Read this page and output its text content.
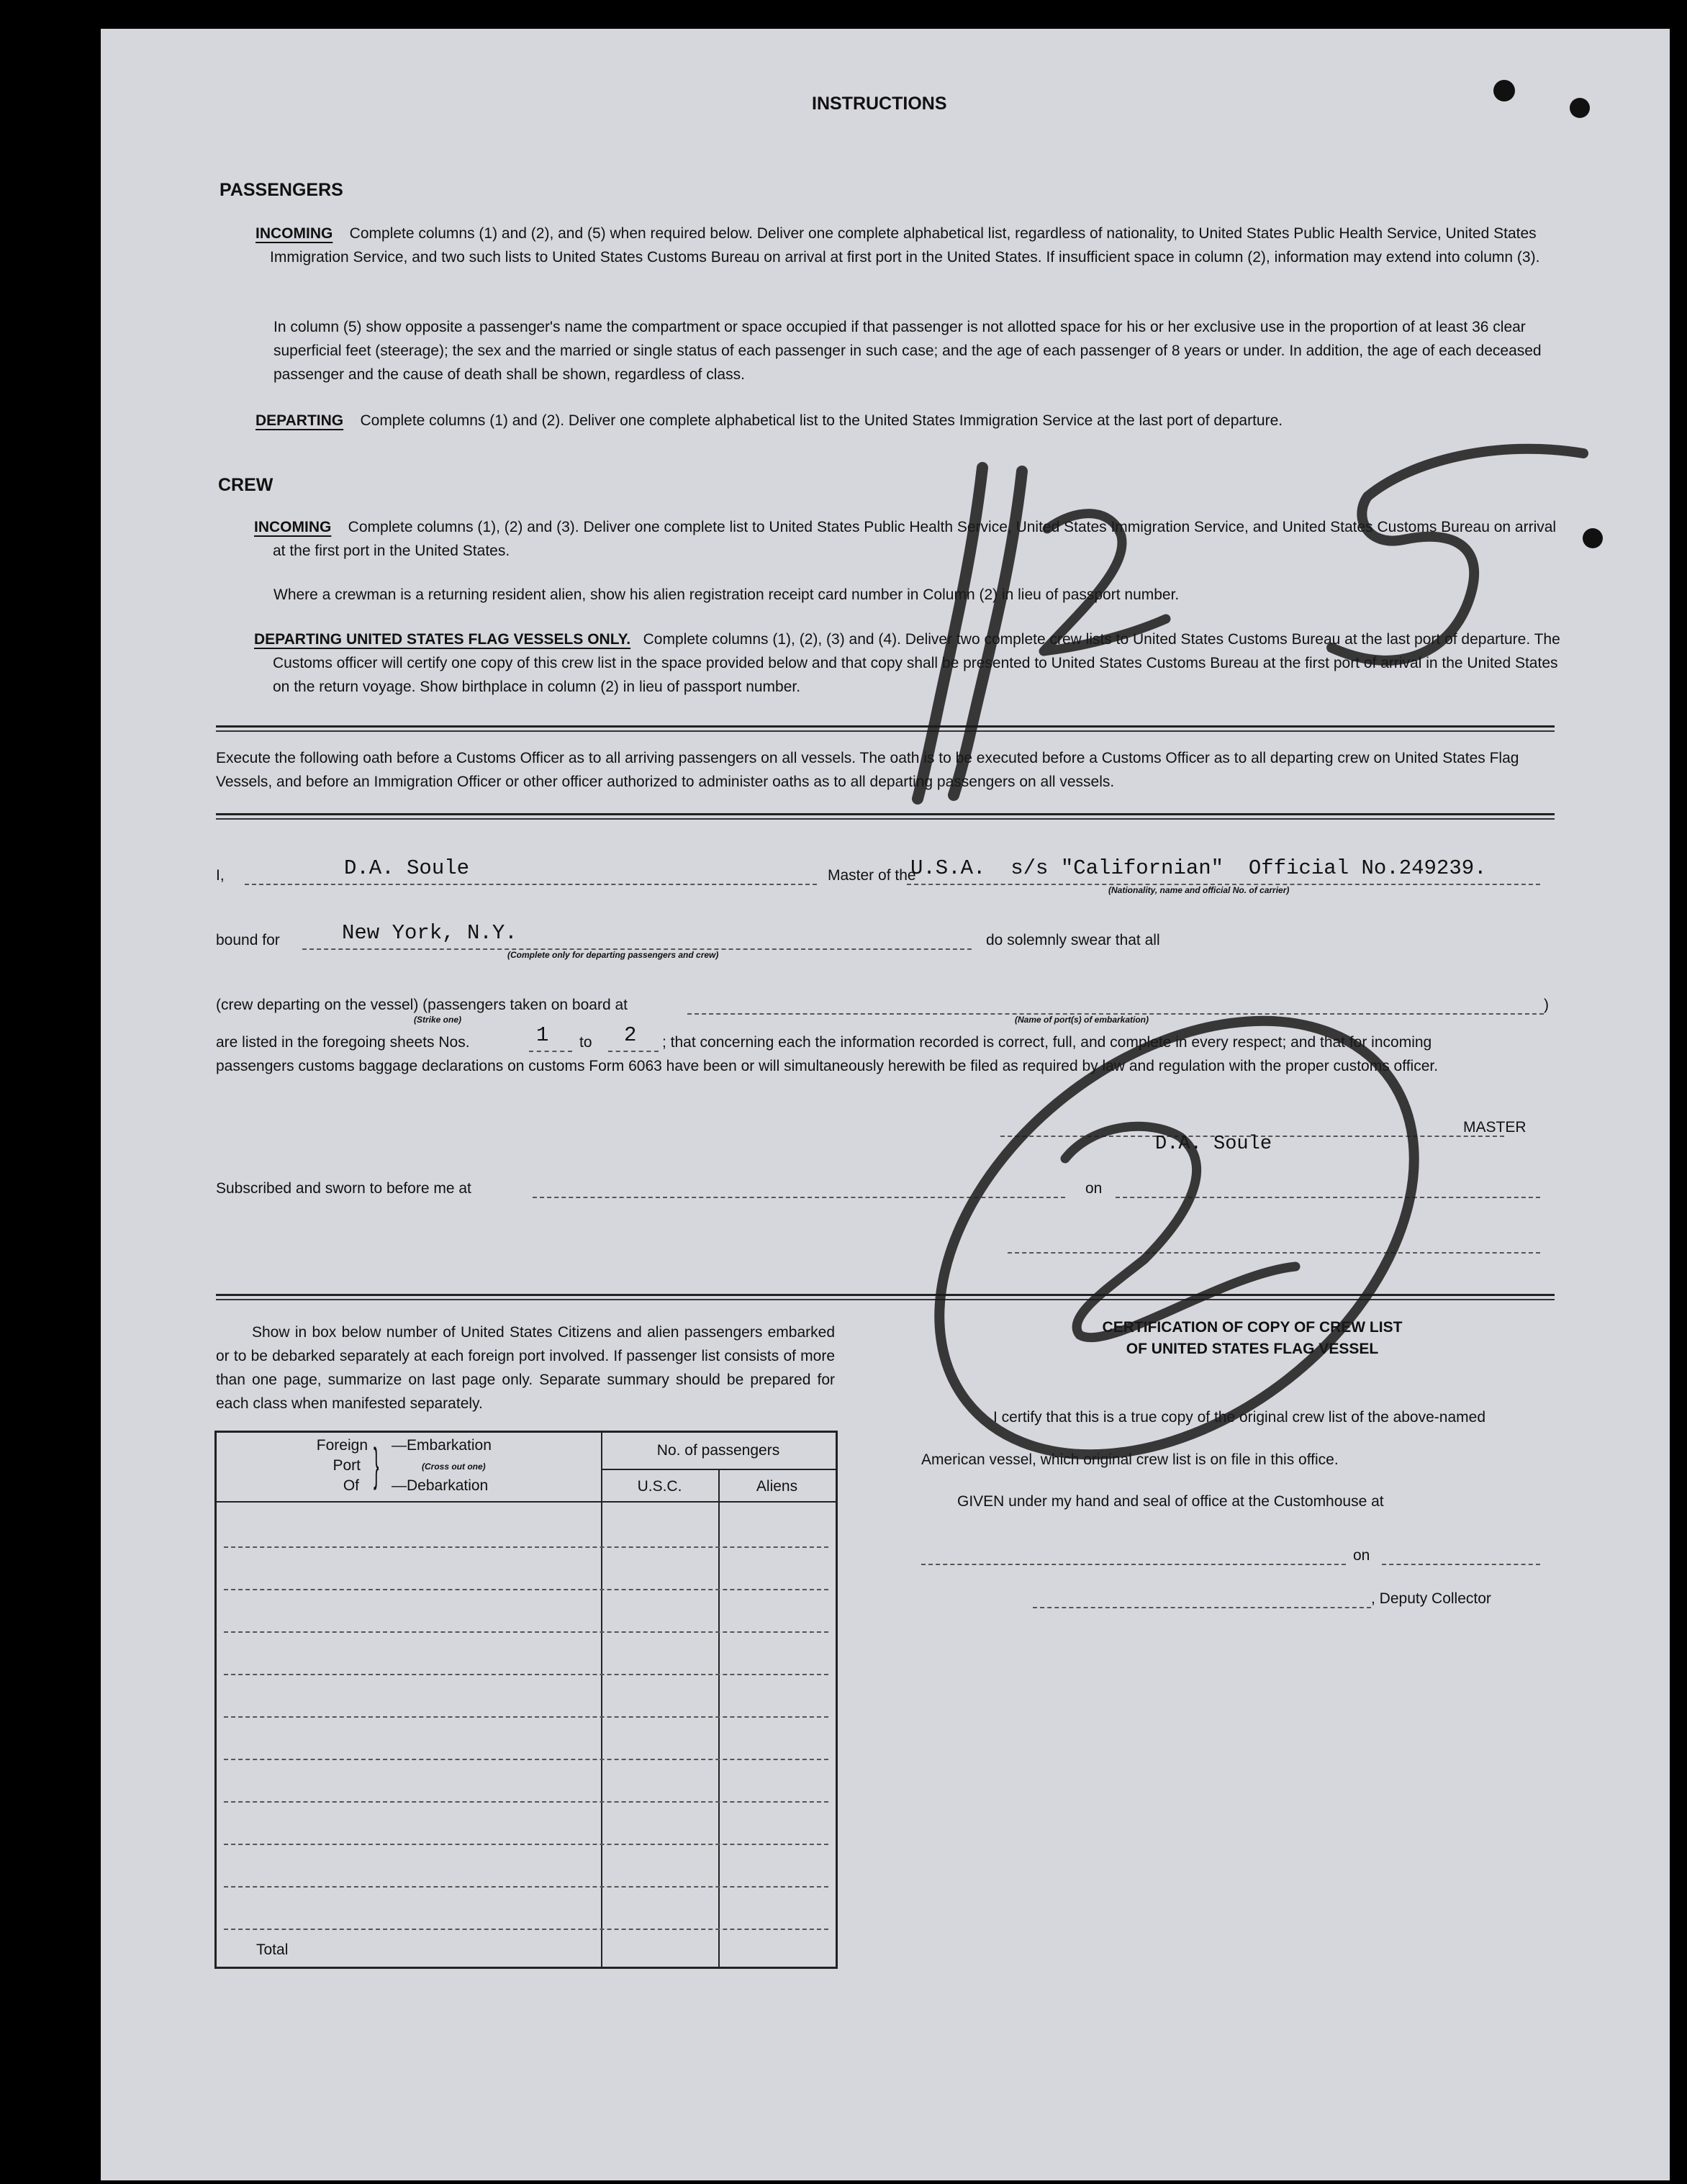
INSTRUCTIONS
PASSENGERS
INCOMING Complete columns (1) and (2), and (5) when required below. Deliver one complete alphabetical list, regardless of nationality, to United States Public Health Service, United States Immigration Service, and two such lists to United States Customs Bureau on arrival at first port in the United States. If insufficient space in column (2), information may extend into column (3).
In column (5) show opposite a passenger's name the compartment or space occupied if that passenger is not allotted space for his or her exclusive use in the proportion of at least 36 clear superficial feet (steerage); the sex and the married or single status of each passenger in such case; and the age of each passenger of 8 years or under. In addition, the age of each deceased passenger and the cause of death shall be shown, regardless of class.
DEPARTING Complete columns (1) and (2). Deliver one complete alphabetical list to the United States Immigration Service at the last port of departure.
CREW
INCOMING Complete columns (1), (2) and (3). Deliver one complete list to United States Public Health Service, United States Immigration Service, and United States Customs Bureau on arrival at the first port in the United States.
Where a crewman is a returning resident alien, show his alien registration receipt card number in Column (2) in lieu of passport number.
DEPARTING UNITED STATES FLAG VESSELS ONLY. Complete columns (1), (2), (3) and (4). Deliver two complete crew lists to United States Customs Bureau at the last port of departure. The Customs officer will certify one copy of this crew list in the space provided below and that copy shall be presented to United States Customs Bureau at the first port of arrival in the United States on the return voyage. Show birthplace in column (2) in lieu of passport number.
Execute the following oath before a Customs Officer as to all arriving passengers on all vessels. The oath is to be executed before a Customs Officer as to all departing crew on United States Flag Vessels, and before an Immigration Officer or other officer authorized to administer oaths as to all departing passengers on all vessels.
I,	D.A. Soule	Master of the
U.S.A.  s/s "Californian"  Official No.249239.
(Nationality, name and official No. of carrier)
bound for	New York, N.Y.
(Complete only for departing passengers and crew)
do solemnly swear that all
(crew departing on the vessel) (passengers taken on board at	)
(Strike one)	(Name of port(s) of embarkation)
are listed in the foregoing sheets Nos.	1 to 2 ; that concerning each the information recorded is correct, full, and complete in every respect; and that for incoming
passengers customs baggage declarations on customs Form 6063 have been or will simultaneously herewith be filed as required by law and regulation with the proper customs officer.
MASTER
D.A. Soule
Subscribed and sworn to before me at	on
Show in box below number of United States Citizens and alien passengers embarked or to be debarked separately at each foreign port involved. If passenger list consists of more than one page, summarize on last page only. Separate summary should be prepared for each class when manifested separately.
Foreign
Port
Of } —Embarkation
(Cross out one)
—Debarkation
No. of passengers
U.S.C.	Aliens
Total
CERTIFICATION OF COPY OF CREW LIST
OF UNITED STATES FLAG VESSEL
I certify that this is a true copy of the original crew list of the above-named
American vessel, which original crew list is on file in this office.
GIVEN under my hand and seal of office at the Customhouse at
on
, Deputy Collector
